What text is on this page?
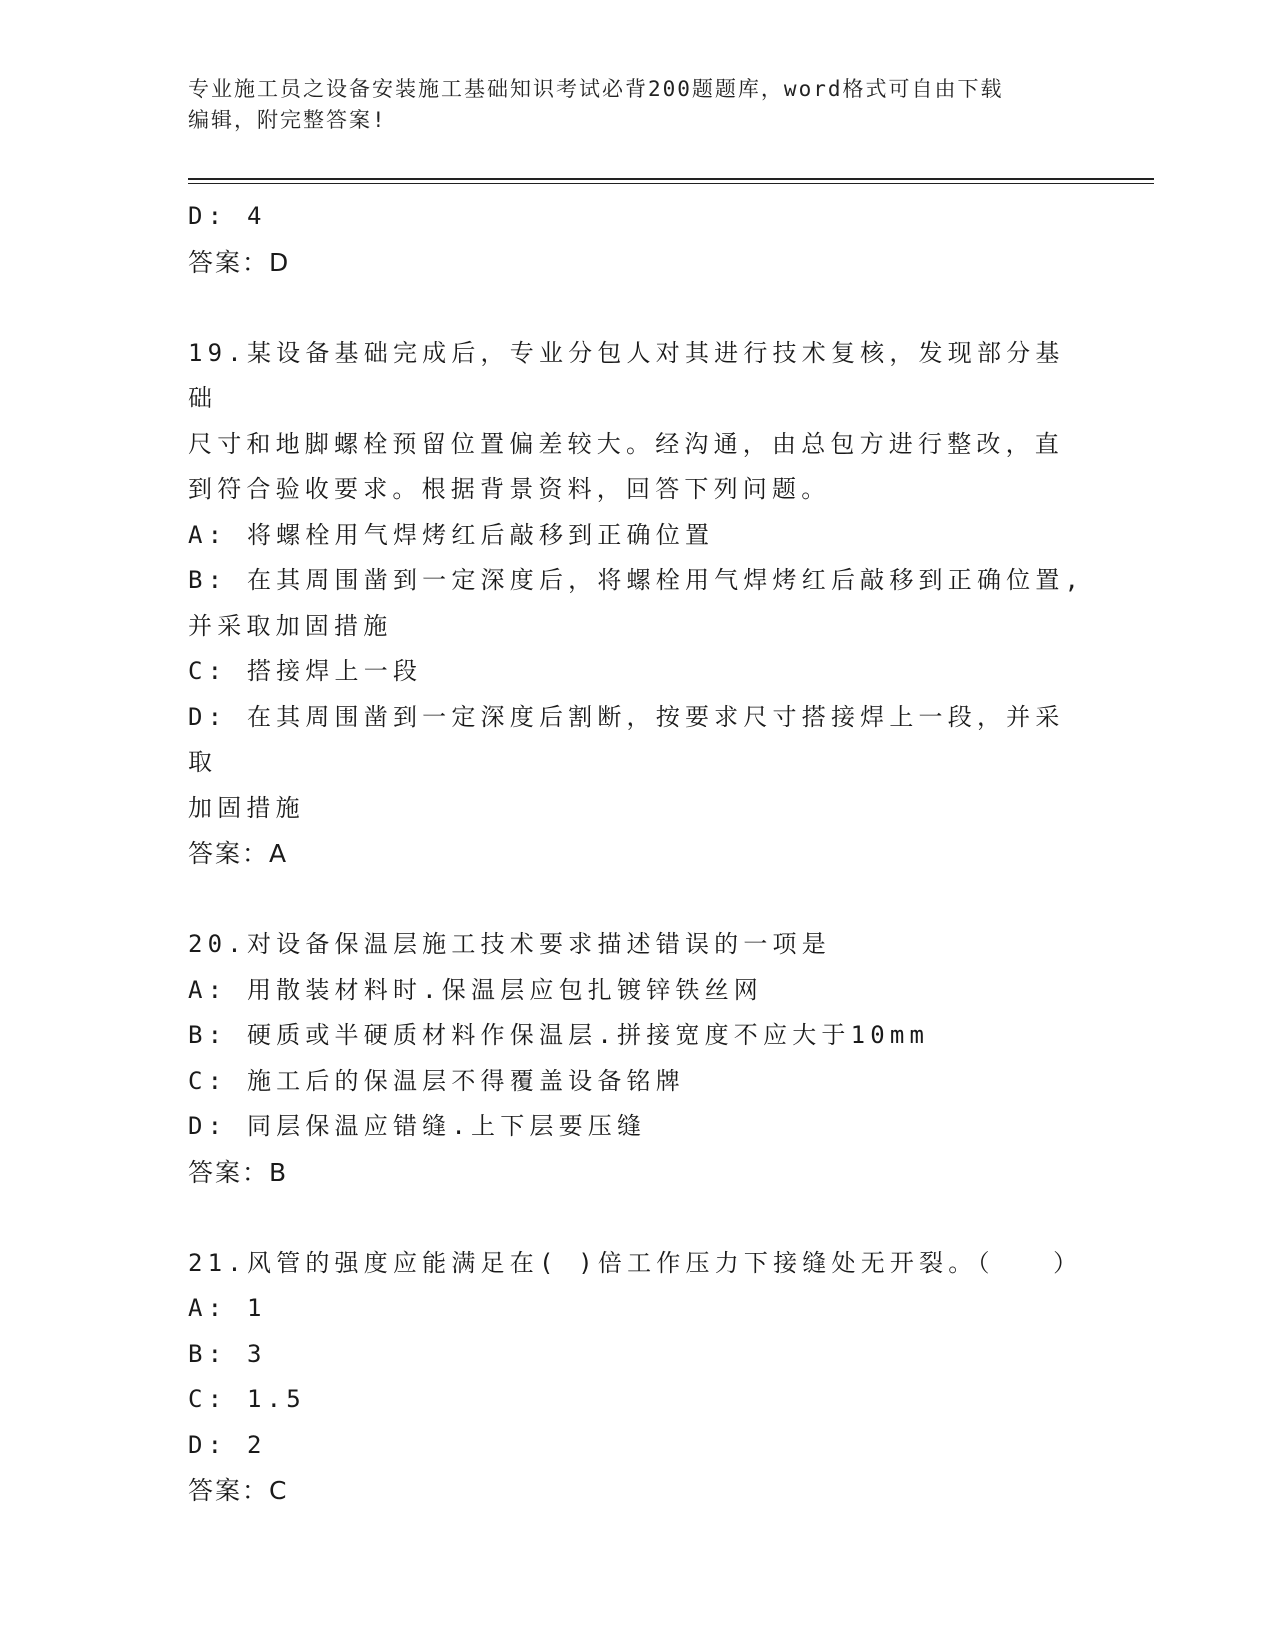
专业施工员之设备安装施工基础知识考试必背200题题库，word格式可自由下载
编辑，附完整答案!

D: 4

答案：D

19.某设备基础完成后，专业分包人对其进行技术复核，发现部分基础

尺寸和地脚螺栓预留位置偏差较大。经沟通，由总包方进行整改，直

到符合验收要求。根据背景资料，回答下列问题。

A: 将螺栓用气焊烤红后敲移到正确位置

B: 在其周围凿到一定深度后，将螺栓用气焊烤红后敲移到正确位置,

并采取加固措施

C: 搭接焊上一段

D: 在其周围凿到一定深度后割断，按要求尺寸搭接焊上一段，并采取

加固措施

答案：A

20.对设备保温层施工技术要求描述错误的一项是

A: 用散装材料时.保温层应包扎镀锌铁丝网

B: 硬质或半硬质材料作保温层.拼接宽度不应大于10mm

C: 施工后的保温层不得覆盖设备铭牌

D: 同层保温应错缝.上下层要压缝

答案：B

21.风管的强度应能满足在( )倍工作压力下接缝处无开裂。（　　）

A: 1

B: 3

C: 1.5

D: 2

答案：C
